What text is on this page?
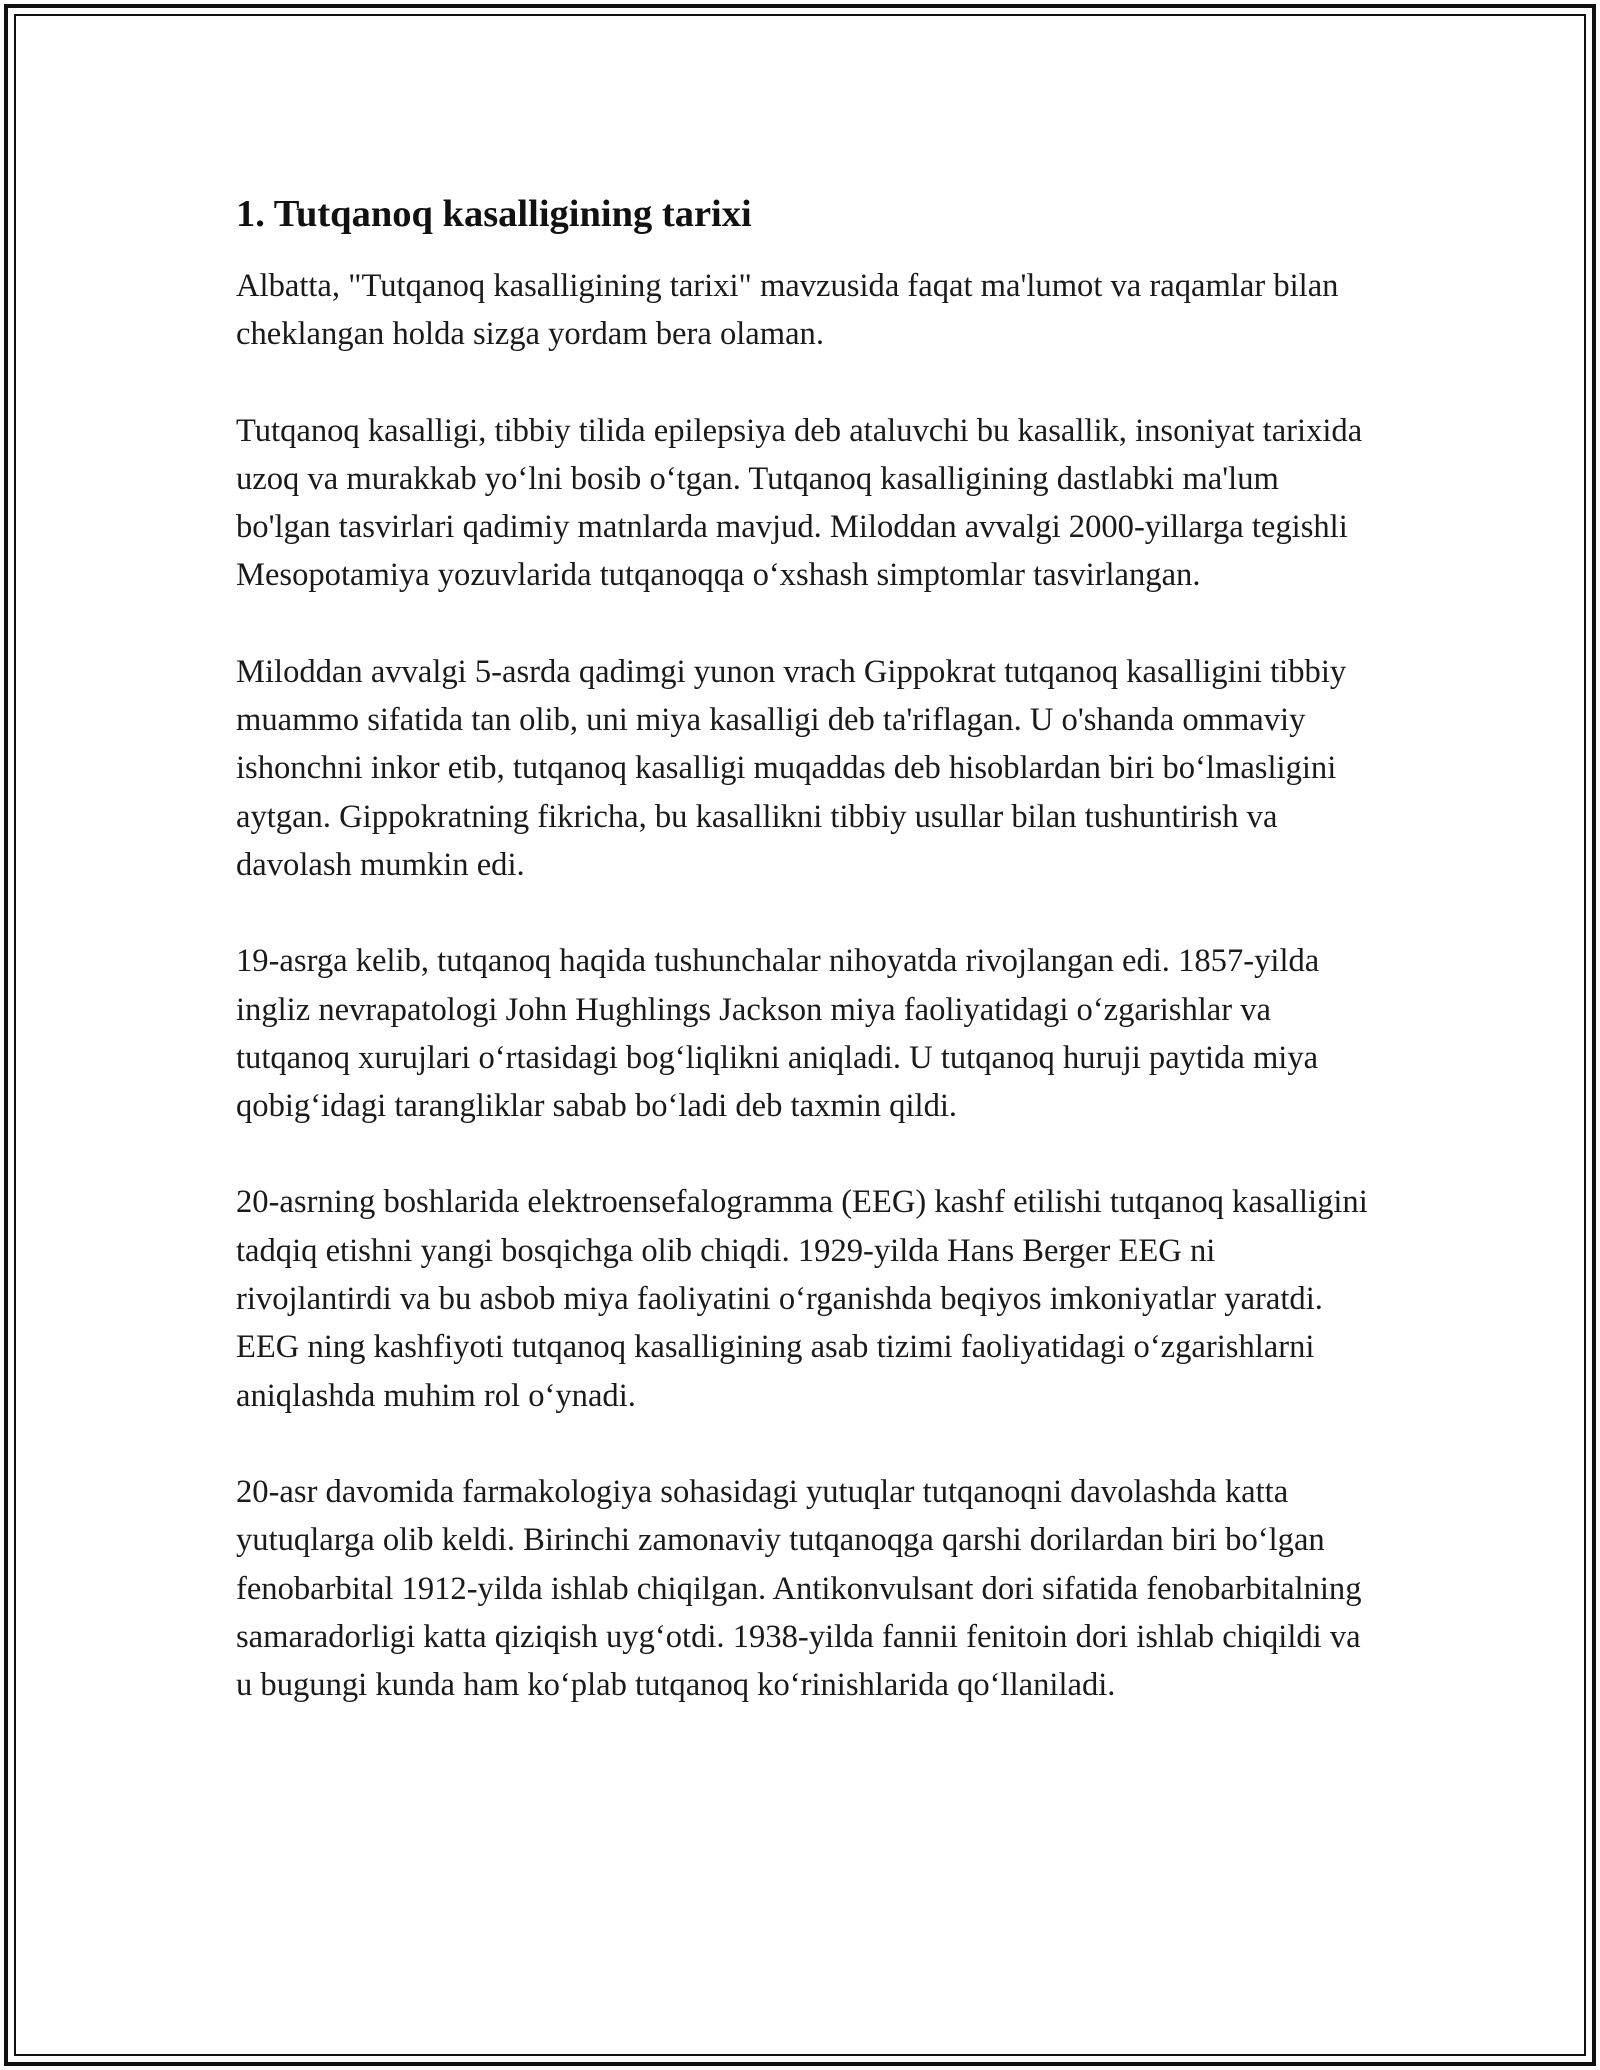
1. Tutqanoq kasalligining tarixi

Albatta, "Tutqanoq kasalligining tarixi" mavzusida faqat ma'lumot va raqamlar bilan cheklangan holda sizga yordam bera olaman.

Tutqanoq kasalligi, tibbiy tilida epilepsiya deb ataluvchi bu kasallik, insoniyat tarixida uzoq va murakkab yo‘lni bosib o‘tgan. Tutqanoq kasalligining dastlabki ma'lum bo'lgan tasvirlari qadimiy matnlarda mavjud. Miloddan avvalgi 2000-yillarga tegishli Mesopotamiya yozuvlarida tutqanoqqa o‘xshash simptomlar tasvirlangan.

Miloddan avvalgi 5-asrda qadimgi yunon vrach Gippokrat tutqanoq kasalligini tibbiy muammo sifatida tan olib, uni miya kasalligi deb ta'riflagan. U o'shanda ommaviy ishonchni inkor etib, tutqanoq kasalligi muqaddas deb hisoblardan biri bo‘lmasligini aytgan. Gippokratning fikricha, bu kasallikni tibbiy usullar bilan tushuntirish va davolash mumkin edi.

19-asrga kelib, tutqanoq haqida tushunchalar nihoyatda rivojlangan edi. 1857-yilda ingliz nevrapatologi John Hughlings Jackson miya faoliyatidagi o‘zgarishlar va tutqanoq xurujlari o‘rtasidagi bog‘liqlikni aniqladi. U tutqanoq huruji paytida miya qobig‘idagi tarangliklar sabab bo‘ladi deb taxmin qildi.

20-asrning boshlarida elektroensefalogramma (EEG) kashf etilishi tutqanoq kasalligini tadqiq etishni yangi bosqichga olib chiqdi. 1929-yilda Hans Berger EEG ni rivojlantirdi va bu asbob miya faoliyatini o‘rganishda beqiyos imkoniyatlar yaratdi. EEG ning kashfiyoti tutqanoq kasalligining asab tizimi faoliyatidagi o‘zgarishlarni aniqlashda muhim rol o‘ynadi.

20-asr davomida farmakologiya sohasidagi yutuqlar tutqanoqni davolashda katta yutuqlarga olib keldi. Birinchi zamonaviy tutqanoqga qarshi dorilardan biri bo‘lgan fenobarbital 1912-yilda ishlab chiqilgan. Antikonvulsant dori sifatida fenobarbitalning samaradorligi katta qiziqish uyg‘otdi. 1938-yilda fannii fenitoin dori ishlab chiqildi va u bugungi kunda ham ko‘plab tutqanoq ko‘rinishlarida qo‘llaniladi.
